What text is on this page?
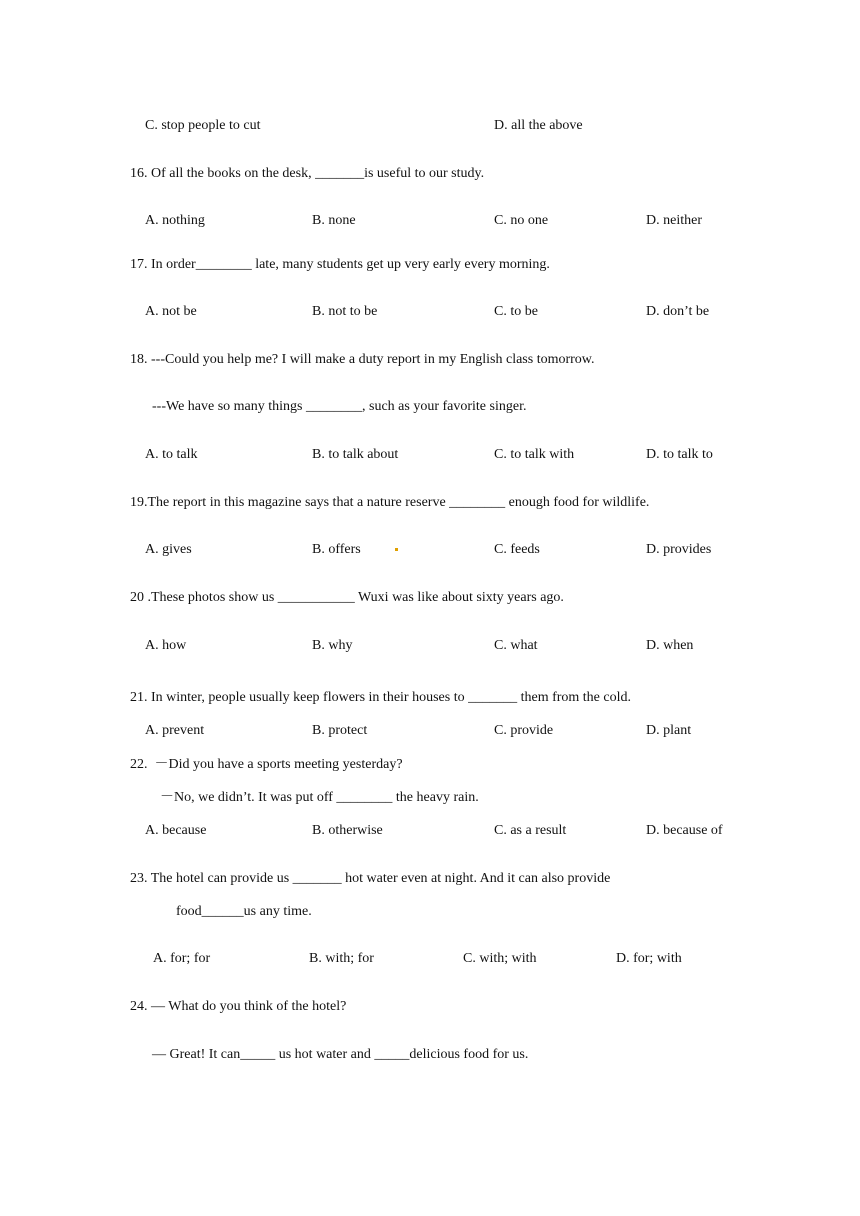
C. stop people to cut	D. all the above
16. Of all the books on the desk, _______is useful to our study.
A. nothing	B. none	C. no one	D. neither
17. In order________ late, many students get up very early every morning.
A. not be	B. not to be	C. to be	D. don’t be
18. ---Could you help me? I will make a duty report in my English class tomorrow.
---We have so many things ________, such as your favorite singer.
A. to talk	B. to talk about	C. to talk with	D. to talk to
19.The report in this magazine says that a nature reserve ________ enough food for wildlife.
A. gives	B. offers	C. feeds	D. provides
20 .These photos show us ___________ Wuxi was like about sixty years ago.
A. how	B. why	C. what	D. when
21. In winter, people usually keep flowers in their houses to _______ them from the cold.
A. prevent	B. protect	C. provide	D. plant
22.  －Did you have a sports meeting yesterday?
－No, we didn’t. It was put off ________ the heavy rain.
A. because	B. otherwise	C. as a result	D. because of
23. The hotel can provide us _______ hot water even at night. And it can also provide
food______us any time.
A. for; for	B. with; for	C. with; with	D. for; with
24. — What do you think of the hotel?
— Great! It can_____ us hot water and _____delicious food for us.
